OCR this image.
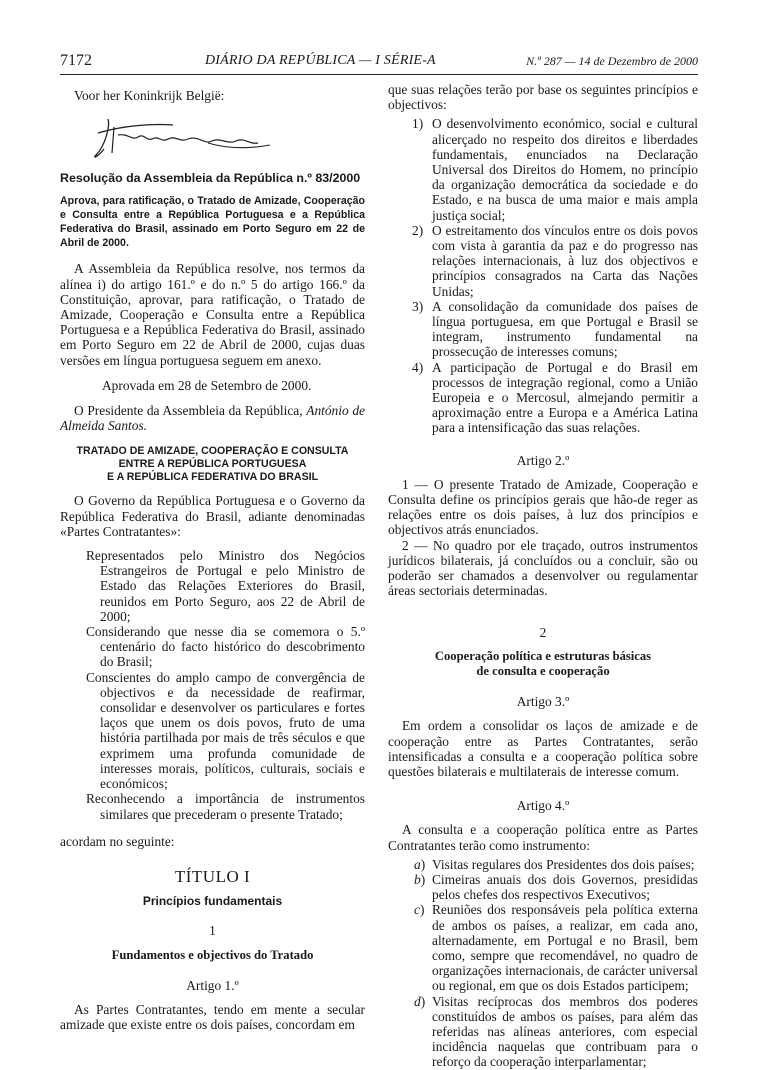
7172	DIÁRIO DA REPÚBLICA — I SÉRIE-A	N.º 287 — 14 de Dezembro de 2000

Voor her Koninkrijk België:

Resolução da Assembleia da República n.º 83/2000

Aprova, para ratificação, o Tratado de Amizade, Cooperação e Consulta entre a República Portuguesa e a República Federativa do Brasil, assinado em Porto Seguro em 22 de Abril de 2000.

A Assembleia da República resolve, nos termos da alínea i) do artigo 161.º e do n.º 5 do artigo 166.º da Constituição, aprovar, para ratificação, o Tratado de Amizade, Cooperação e Consulta entre a República Portuguesa e a República Federativa do Brasil, assinado em Porto Seguro em 22 de Abril de 2000, cujas duas versões em língua portuguesa seguem em anexo.

Aprovada em 28 de Setembro de 2000.

O Presidente da Assembleia da República, António de Almeida Santos.

TRATADO DE AMIZADE, COOPERAÇÃO E CONSULTA
ENTRE A REPÚBLICA PORTUGUESA
E A REPÚBLICA FEDERATIVA DO BRASIL

O Governo da República Portuguesa e o Governo da República Federativa do Brasil, adiante denominadas «Partes Contratantes»:

Representados pelo Ministro dos Negócios Estrangeiros de Portugal e pelo Ministro de Estado das Relações Exteriores do Brasil, reunidos em Porto Seguro, aos 22 de Abril de 2000;

Considerando que nesse dia se comemora o 5.º centenário do facto histórico do descobrimento do Brasil;

Conscientes do amplo campo de convergência de objectivos e da necessidade de reafirmar, consolidar e desenvolver os particulares e fortes laços que unem os dois povos, fruto de uma história partilhada por mais de três séculos e que exprimem uma profunda comunidade de interesses morais, políticos, culturais, sociais e económicos;

Reconhecendo a importância de instrumentos similares que precederam o presente Tratado;

acordam no seguinte:

TÍTULO I

Princípios fundamentais

1

Fundamentos e objectivos do Tratado

Artigo 1.º

As Partes Contratantes, tendo em mente a secular amizade que existe entre os dois países, concordam em

que suas relações terão por base os seguintes princípios e objectivos:

1) O desenvolvimento económico, social e cultural alicerçado no respeito dos direitos e liberdades fundamentais, enunciados na Declaração Universal dos Direitos do Homem, no princípio da organização democrática da sociedade e do Estado, e na busca de uma maior e mais ampla justiça social;
2) O estreitamento dos vínculos entre os dois povos com vista à garantia da paz e do progresso nas relações internacionais, à luz dos objectivos e princípios consagrados na Carta das Nações Unidas;
3) A consolidação da comunidade dos países de língua portuguesa, em que Portugal e Brasil se integram, instrumento fundamental na prossecução de interesses comuns;
4) A participação de Portugal e do Brasil em processos de integração regional, como a União Europeia e o Mercosul, almejando permitir a aproximação entre a Europa e a América Latina para a intensificação das suas relações.

Artigo 2.º

1 — O presente Tratado de Amizade, Cooperação e Consulta define os princípios gerais que hão-de reger as relações entre os dois países, à luz dos princípios e objectivos atrás enunciados.

2 — No quadro por ele traçado, outros instrumentos jurídicos bilaterais, já concluídos ou a concluir, são ou poderão ser chamados a desenvolver ou regulamentar áreas sectoriais determinadas.

2

Cooperação política e estruturas básicas

de consulta e cooperação

Artigo 3.º

Em ordem a consolidar os laços de amizade e de cooperação entre as Partes Contratantes, serão intensificadas a consulta e a cooperação política sobre questões bilaterais e multilaterais de interesse comum.

Artigo 4.º

A consulta e a cooperação política entre as Partes Contratantes terão como instrumento:

a) Visitas regulares dos Presidentes dos dois países;
b) Cimeiras anuais dos dois Governos, presididas pelos chefes dos respectivos Executivos;
c) Reuniões dos responsáveis pela política externa de ambos os países, a realizar, em cada ano, alternadamente, em Portugal e no Brasil, bem como, sempre que recomendável, no quadro de organizações internacionais, de carácter universal ou regional, em que os dois Estados participem;
d) Visitas recíprocas dos membros dos poderes constituídos de ambos os países, para além das referidas nas alíneas anteriores, com especial incidência naquelas que contribuam para o reforço da cooperação interparlamentar;
